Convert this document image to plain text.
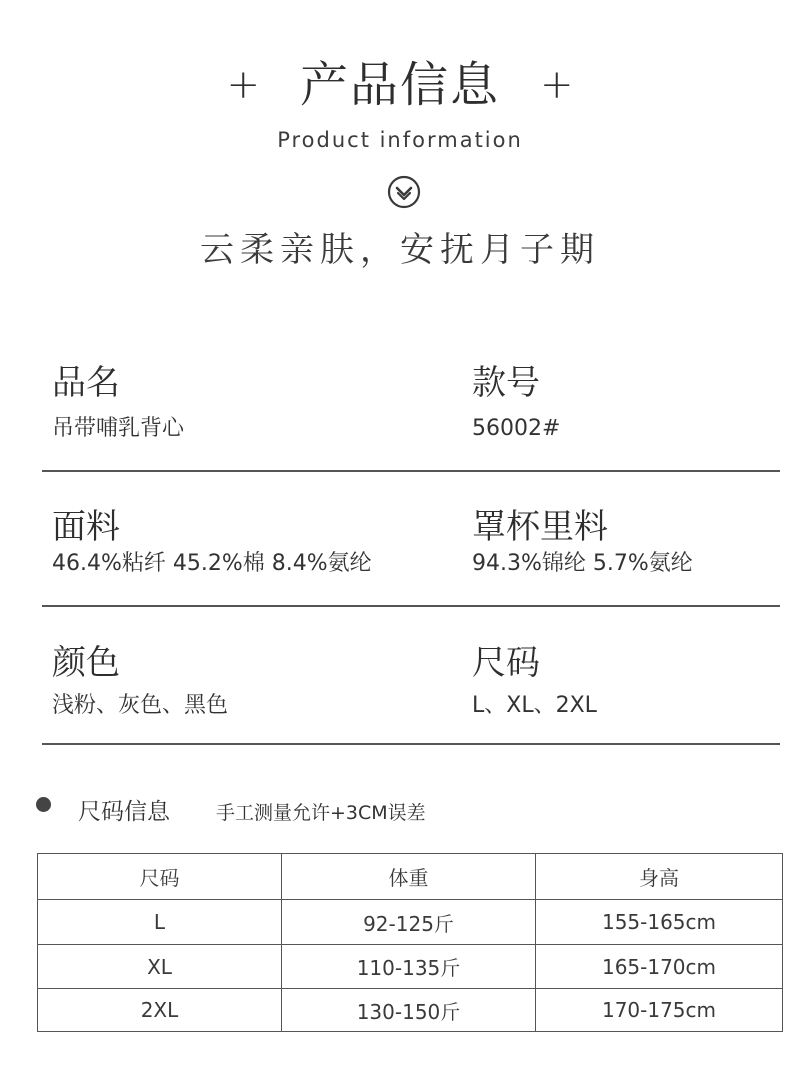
+ 产品信息 +
Product information
云柔亲肤，安抚月子期
品名
吊带哺乳背心
款号
56002#
面料
46.4%粘纤 45.2%棉 8.4%氨纶
罩杯里料
94.3%锦纶 5.7%氨纶
颜色
浅粉、灰色、黑色
尺码
L、XL、2XL
尺码信息 手工测量允许+3CM误差
尺码	体重	身高
L	92-125斤	155-165cm
XL	110-135斤	165-170cm
2XL	130-150斤	170-175cm
